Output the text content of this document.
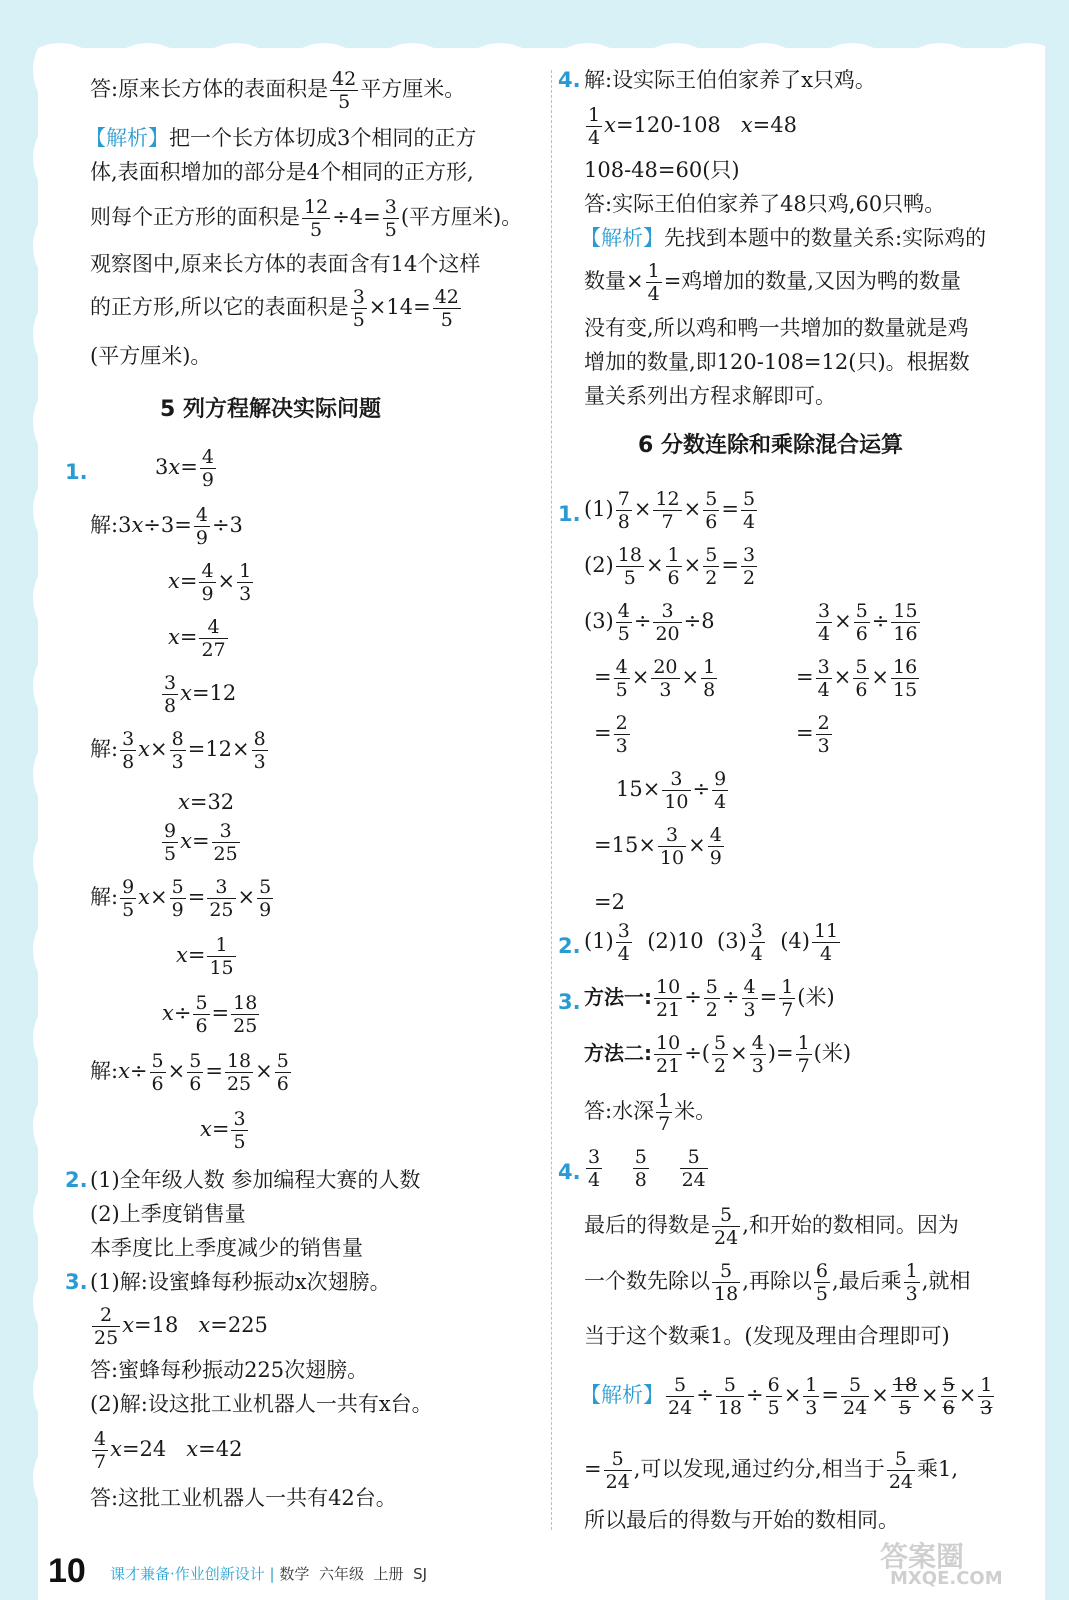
答:原来长方体的表面积是 $\frac{42}{5}$ 平方厘米。
【解析】把一个长方体切成3个相同的正方
体,表面积增加的部分是4个相同的正方形,
则每个正方形的面积是 $\frac{12}{5} \div 4= \frac{3}{5}$ (平方厘米)。
观察图中,原来长方体的表面含有14个这样
的正方形,所以它的表面积是 $\frac{3}{5} \times 14= \frac{42}{5}$
(平方厘米)。
5 列方程解决实际问题
1.	$3x= \frac{4}{9}$
解:3x÷3= $\frac{4}{9} \div 3$
$x= \frac{4}{9} \times \frac{1}{3}$
$x= \frac{4}{27}$
$\frac{3}{8} x=12$
解: $\frac{3}{8} x\times \frac{8}{3} =12\times \frac{8}{3}$
x=32
$\frac{9}{5} x= \frac{3}{25}$
解: $\frac{9}{5} x\times \frac{5}{9} = \frac{3}{25} \times \frac{5}{9}$
$x= \frac{1}{15}$
$x\div \frac{5}{6} = \frac{18}{25}$
解:x÷ $\frac{5}{6} \times \frac{5}{6} = \frac{18}{25} \times \frac{5}{6}$
$x= \frac{3}{5}$
2. (1)全年级人数 参加编程大赛的人数
(2)上季度销售量
本季度比上季度减少的销售量
3. (1)解:设蜜蜂每秒振动x次翅膀。
$\frac{2}{25} x=18$   x=225
答:蜜蜂每秒振动225次翅膀。
(2)解:设这批工业机器人一共有x台。
$\frac{4}{7} x=24$   x=42
答:这批工业机器人一共有42台。
4. 解:设实际王伯伯家养了x只鸡。
$\frac{1}{4} x=120-108$   x=48
108-48=60(只)
答:实际王伯伯家养了48只鸡,60只鸭。
【解析】先找到本题中的数量关系:实际鸡的
数量× $\frac{1}{4}$ =鸡增加的数量,又因为鸭的数量
没有变,所以鸡和鸭一共增加的数量就是鸡
增加的数量,即120-108=12(只)。根据数
量关系列出方程求解即可。
6 分数连除和乘除混合运算
1. $(1) \frac{7}{8} \times \frac{12}{7} \times \frac{5}{6} = \frac{5}{4}$
$(2) \frac{18}{5} \times \frac{1}{6} \times \frac{5}{2} = \frac{3}{2}$
$(3) \frac{4}{5} \div \frac{3}{20} \div 8$
= $\frac{4}{5} \times \frac{20}{3} \times \frac{1}{8}$
= $\frac{2}{3}$
$\frac{3}{4} \times \frac{5}{6} \div \frac{15}{16}$
= $\frac{3}{4} \times \frac{5}{6} \times \frac{16}{15}$
= $\frac{2}{3}$
$15\times \frac{3}{10} \div \frac{9}{4}$
$=15\times \frac{3}{10} \times \frac{4}{9}$
=2
2. $(1) \frac{3}{4} (2)10$  $(3) \frac{3}{4} (4) \frac{11}{4}$
3. 方法一: $\frac{10}{21} \div \frac{5}{2} \div \frac{4}{3} = \frac{1}{7}$ (米)
方法二: $\frac{10}{21}$ ÷( $\frac{5}{2} \times \frac{4}{3}$ )= $\frac{1}{7}$ (米)
答:水深 $\frac{1}{7}$ 米。
4. $\frac{3}{4}$
$\frac{5}{8}$
$\frac{5}{24}$
最后的得数是 $\frac{5}{24}$ ,和开始的数相同。因为
一个数先除以 $\frac{5}{18}$ ,再除以 $\frac{6}{5}$ ,最后乘 $\frac{1}{3}$ ,就相
当于这个数乘1。(发现及理由合理即可)
【解析】 $\frac{5}{24} \div \frac{5}{18} \div \frac{6}{5} \times \frac{1}{3} = \frac{5}{24} \times \frac{18}{5} \times \frac{5}{6} \times \frac{1}{3}$
= $\frac{5}{24}$ ,可以发现,通过约分,相当于 $\frac{5}{24}$ 乘1,
所以最后的得数与开始的数相同。
10 课才兼备·作业创新设计 | 数学 六年级 上册 SJ
答案圈
MXQE.COM
